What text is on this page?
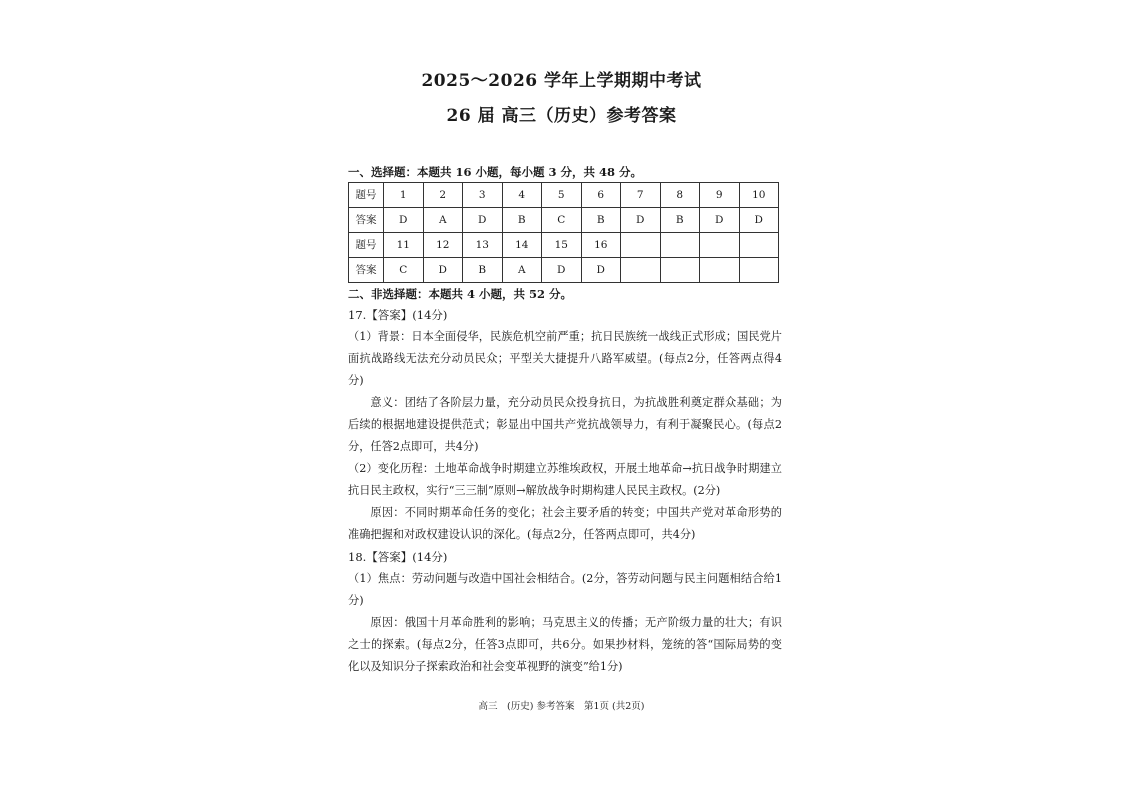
2025～2026 学年上学期期中考试
26 届 高三（历史）参考答案
一、选择题：本题共 16 小题，每小题 3 分，共 48 分。
题号	1	2	3	4	5	6	7	8	9	10
答案	D	A	D	B	C	B	D	B	D	D
题号	11	12	13	14	15	16				
答案	C	D	B	A	D	D				
二、非选择题：本题共 4 小题，共 52 分。
17.【答案】(14分)
（1）背景：日本全面侵华，民族危机空前严重；抗日民族统一战线正式形成；国民党片面抗战路线无法充分动员民众；平型关大捷提升八路军威望。(每点2分，任答两点得4分)
意义：团结了各阶层力量，充分动员民众投身抗日，为抗战胜利奠定群众基础；为后续的根据地建设提供范式；彰显出中国共产党抗战领导力，有利于凝聚民心。(每点2分，任答2点即可，共4分)
（2）变化历程：土地革命战争时期建立苏维埃政权，开展土地革命→抗日战争时期建立抗日民主政权，实行“三三制”原则→解放战争时期构建人民民主政权。(2分)
原因：不同时期革命任务的变化；社会主要矛盾的转变；中国共产党对革命形势的准确把握和对政权建设认识的深化。(每点2分，任答两点即可，共4分)
18.【答案】(14分)
（1）焦点：劳动问题与改造中国社会相结合。(2分，答劳动问题与民主问题相结合给1分)
原因：俄国十月革命胜利的影响；马克思主义的传播；无产阶级力量的壮大；有识之士的探索。(每点2分，任答3点即可，共6分。如果抄材料，笼统的答“国际局势的变化以及知识分子探索政治和社会变革视野的演变”给1分)
高三　(历史) 参考答案　第1页 (共2页)
